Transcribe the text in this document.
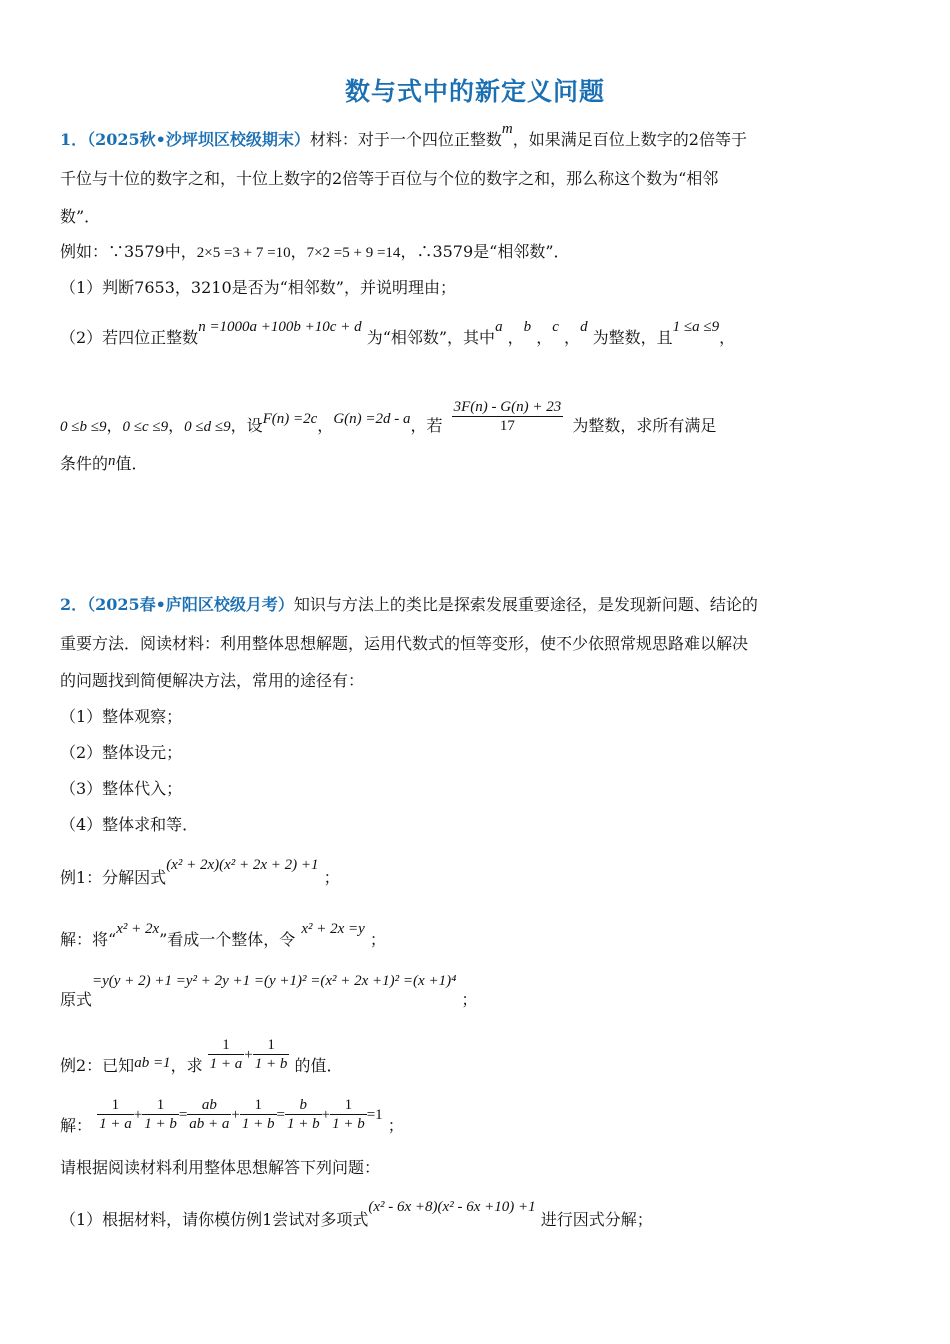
数与式中的新定义问题
1．（2025秋•沙坪坝区校级期末）材料：对于一个四位正整数m，如果满足百位上数字的2倍等于
千位与十位的数字之和，十位上数字的2倍等于百位与个位的数字之和，那么称这个数为“相邻
数”．
例如：∵3579中，2×5 =3 + 7 =10，7×2 =5 + 9 =14，∴3579是“相邻数”．
（1）判断7653，3210是否为“相邻数”，并说明理由；
（2）若四位正整数n =1000a +100b +10c + d 为“相邻数”，其中a ，b ，c ，d 为整数，且1 ≤a ≤9，
0 ≤b ≤9，0 ≤c ≤9，0 ≤d ≤9，设F(n) =2c，G(n) =2d - a，若 $\frac{3F(n) - G(n) + 23}{17}$ 为整数，求所有满足
条件的n值．
2．（2025春•庐阳区校级月考）知识与方法上的类比是探索发展重要途径，是发现新问题、结论的
重要方法．阅读材料：利用整体思想解题，运用代数式的恒等变形，使不少依照常规思路难以解决
的问题找到简便解决方法，常用的途径有：
（1）整体观察；
（2）整体设元；
（3）整体代入；
（4）整体求和等．
例1：分解因式(x² + 2x)(x² + 2x + 2) +1 ；
解：将“x² + 2x”看成一个整体，令x² + 2x =y ；
原式=y(y + 2) +1 =y² + 2y +1 =(y +1)² =(x² + 2x +1)² =(x +1)⁴ ；
例2：已知ab =1，求 $\frac{1}{1 + a} + \frac{1}{1 + b}$ 的值．
解： $\frac{1}{1 + a} + \frac{1}{1 + b} = \frac{ab}{ab + a} + \frac{1}{1 + b} = \frac{b}{1 + b} + \frac{1}{1 + b} =1$ ；
请根据阅读材料利用整体思想解答下列问题：
（1）根据材料，请你模仿例1尝试对多项式(x² - 6x +8)(x² - 6x +10) +1 进行因式分解；
